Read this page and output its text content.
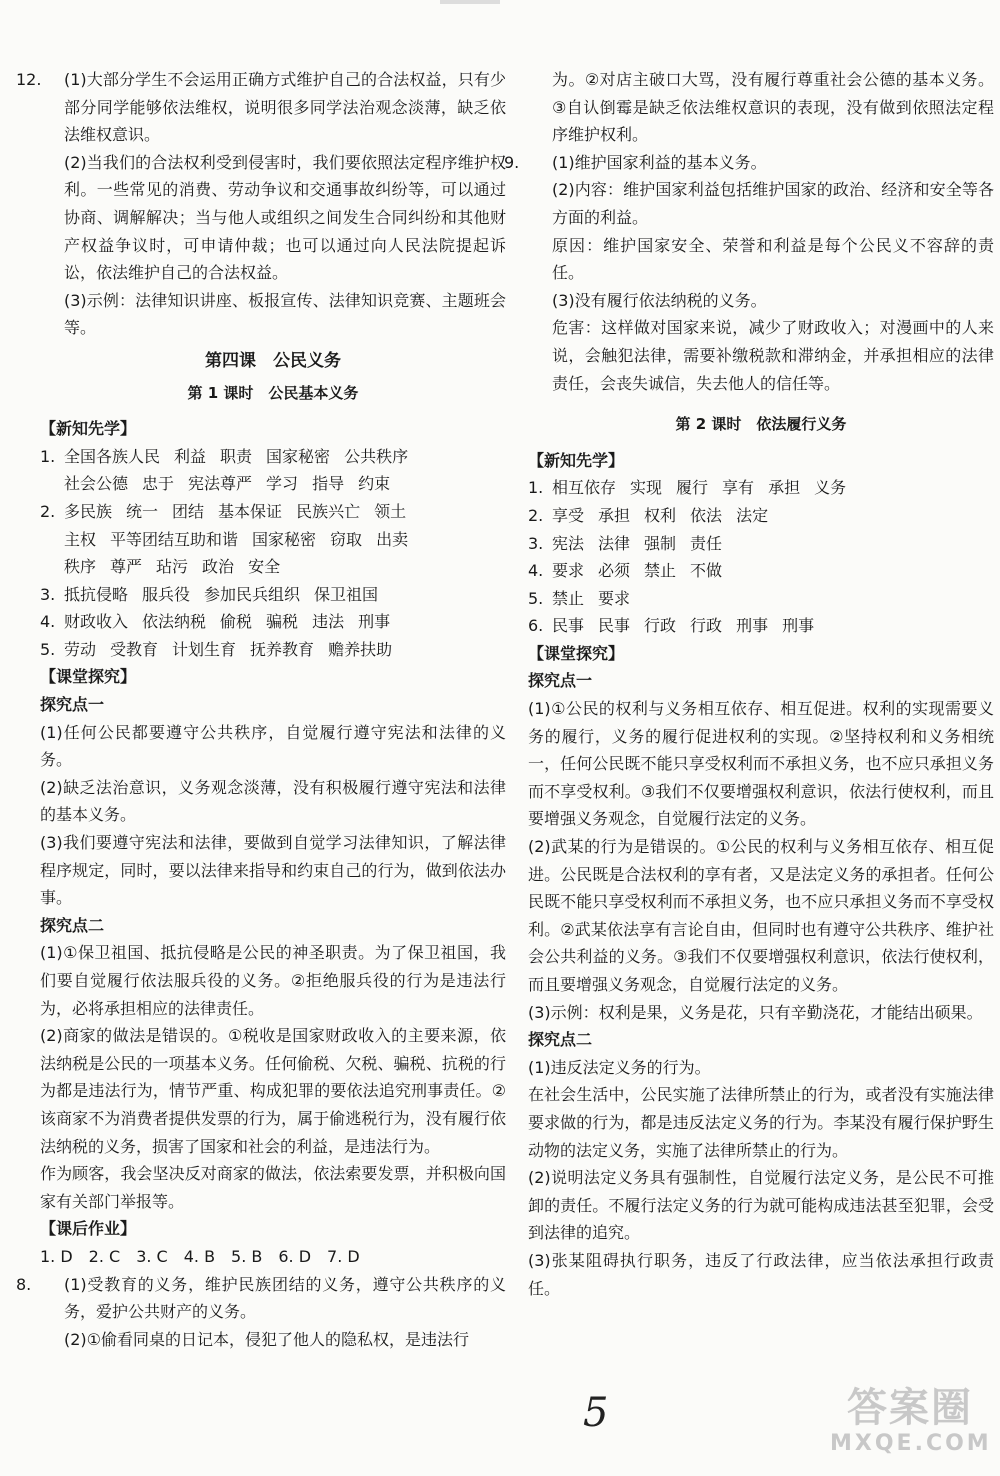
12. (1)大部分学生不会运用正确方式维护自己的合法权益，只有少部分同学能够依法维权，说明很多同学法治观念淡薄，缺乏依法维权意识。

(2)当我们的合法权利受到侵害时，我们要依照法定程序维护权利。一些常见的消费、劳动争议和交通事故纠纷等，可以通过协商、调解解决；当与他人或组织之间发生合同纠纷和其他财产权益争议时，可申请仲裁；也可以通过向人民法院提起诉讼，依法维护自己的合法权益。

(3)示例：法律知识讲座、板报宣传、法律知识竞赛、主题班会等。

第四课　公民义务
第 1 课时　公民基本义务

【新知先学】

1. 全国各族人民 利益 职责 国家秘密 公共秩序
社会公德 忠于 宪法尊严 学习 指导 约束
2. 多民族 统一 团结 基本保证 民族兴亡 领土
主权 平等团结互助和谐 国家秘密 窃取 出卖
秩序 尊严 玷污 政治 安全
3. 抵抗侵略 服兵役 参加民兵组织 保卫祖国
4. 财政收入 依法纳税 偷税 骗税 违法 刑事
5. 劳动 受教育 计划生育 抚养教育 赡养扶助

【课堂探究】

探究点一

(1)任何公民都要遵守公共秩序，自觉履行遵守宪法和法律的义务。

(2)缺乏法治意识，义务观念淡薄，没有积极履行遵守宪法和法律的基本义务。

(3)我们要遵守宪法和法律，要做到自觉学习法律知识，了解法律程序规定，同时，要以法律来指导和约束自己的行为，做到依法办事。

探究点二

(1)①保卫祖国、抵抗侵略是公民的神圣职责。为了保卫祖国，我们要自觉履行依法服兵役的义务。②拒绝服兵役的行为是违法行为，必将承担相应的法律责任。

(2)商家的做法是错误的。①税收是国家财政收入的主要来源，依法纳税是公民的一项基本义务。任何偷税、欠税、骗税、抗税的行为都是违法行为，情节严重、构成犯罪的要依法追究刑事责任。②该商家不为消费者提供发票的行为，属于偷逃税行为，没有履行依法纳税的义务，损害了国家和社会的利益，是违法行为。

作为顾客，我会坚决反对商家的做法，依法索要发票，并积极向国家有关部门举报等。

【课后作业】

1. D　2. C　3. C　4. B　5. B　6. D　7. D

8. (1)受教育的义务，维护民族团结的义务，遵守公共秩序的义务，爱护公共财产的义务。

(2)①偷看同桌的日记本，侵犯了他人的隐私权，是违法行

为。②对店主破口大骂，没有履行尊重社会公德的基本义务。③自认倒霉是缺乏依法维权意识的表现，没有做到依照法定程序维护权利。

9. (1)维护国家利益的基本义务。

(2)内容：维护国家利益包括维护国家的政治、经济和安全等各方面的利益。

原因：维护国家安全、荣誉和利益是每个公民义不容辞的责任。

(3)没有履行依法纳税的义务。

危害：这样做对国家来说，减少了财政收入；对漫画中的人来说，会触犯法律，需要补缴税款和滞纳金，并承担相应的法律责任，会丧失诚信，失去他人的信任等。

第 2 课时　依法履行义务

【新知先学】

1. 相互依存 实现 履行 享有 承担 义务
2. 享受 承担 权利 依法 法定
3. 宪法 法律 强制 责任
4. 要求 必须 禁止 不做
5. 禁止 要求
6. 民事 民事 行政 行政 刑事 刑事

【课堂探究】

探究点一

(1)①公民的权利与义务相互依存、相互促进。权利的实现需要义务的履行，义务的履行促进权利的实现。②坚持权利和义务相统一，任何公民既不能只享受权利而不承担义务，也不应只承担义务而不享受权利。③我们不仅要增强权利意识，依法行使权利，而且要增强义务观念，自觉履行法定的义务。

(2)武某的行为是错误的。①公民的权利与义务相互依存、相互促进。公民既是合法权利的享有者，又是法定义务的承担者。任何公民既不能只享受权利而不承担义务，也不应只承担义务而不享受权利。②武某依法享有言论自由，但同时也有遵守公共秩序、维护社会公共利益的义务。③我们不仅要增强权利意识，依法行使权利，而且要增强义务观念，自觉履行法定的义务。

(3)示例：权利是果，义务是花，只有辛勤浇花，才能结出硕果。

探究点二

(1)违反法定义务的行为。

在社会生活中，公民实施了法律所禁止的行为，或者没有实施法律要求做的行为，都是违反法定义务的行为。李某没有履行保护野生动物的法定义务，实施了法律所禁止的行为。

(2)说明法定义务具有强制性，自觉履行法定义务，是公民不可推卸的责任。不履行法定义务的行为就可能构成违法甚至犯罪，会受到法律的追究。

(3)张某阻碍执行职务，违反了行政法律，应当依法承担行政责任。

5	答案圈
MXQE.COM
